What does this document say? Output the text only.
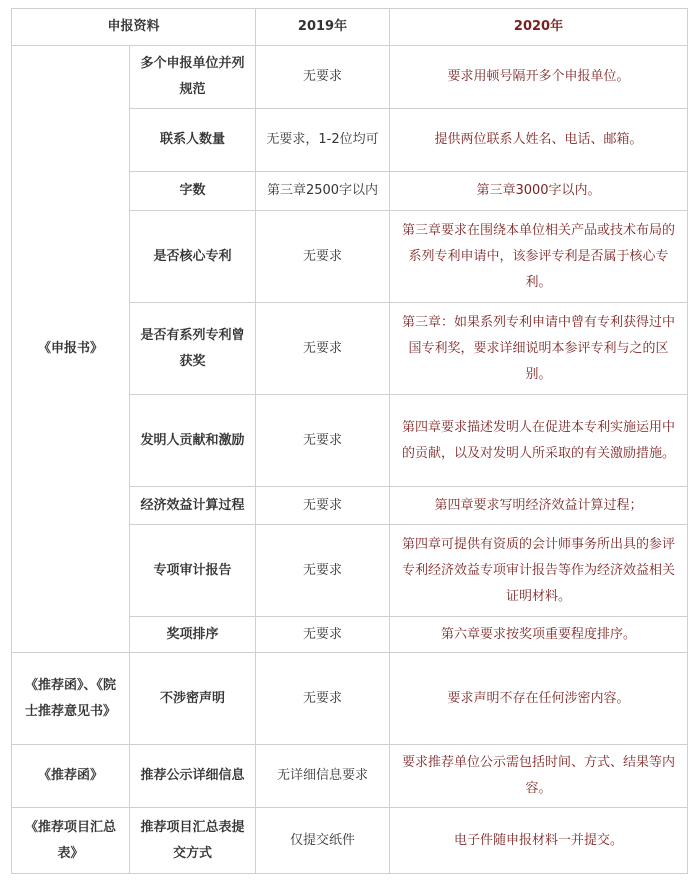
申报资料		2019年	2020年
《申报书》	多个申报单位并列规范	无要求	要求用顿号隔开多个申报单位。
	联系人数量	无要求，1-2位均可	提供两位联系人姓名、电话、邮箱。
	字数	第三章2500字以内	第三章3000字以内。
	是否核心专利	无要求	第三章要求在围绕本单位相关产品或技术布局的系列专利申请中，该参评专利是否属于核心专利。
	是否有系列专利曾获奖	无要求	第三章：如果系列专利申请中曾有专利获得过中国专利奖，要求详细说明本参评专利与之的区别。
	发明人贡献和激励	无要求	第四章要求描述发明人在促进本专利实施运用中的贡献，以及对发明人所采取的有关激励措施。
	经济效益计算过程	无要求	第四章要求写明经济效益计算过程；
	专项审计报告	无要求	第四章可提供有资质的会计师事务所出具的参评专利经济效益专项审计报告等作为经济效益相关证明材料。
	奖项排序	无要求	第六章要求按奖项重要程度排序。
《推荐函》、《院士推荐意见书》	不涉密声明	无要求	要求声明不存在任何涉密内容。
《推荐函》	推荐公示详细信息	无详细信息要求	要求推荐单位公示需包括时间、方式、结果等内容。
《推荐项目汇总表》	推荐项目汇总表提交方式	仅提交纸件	电子件随申报材料一并提交。
